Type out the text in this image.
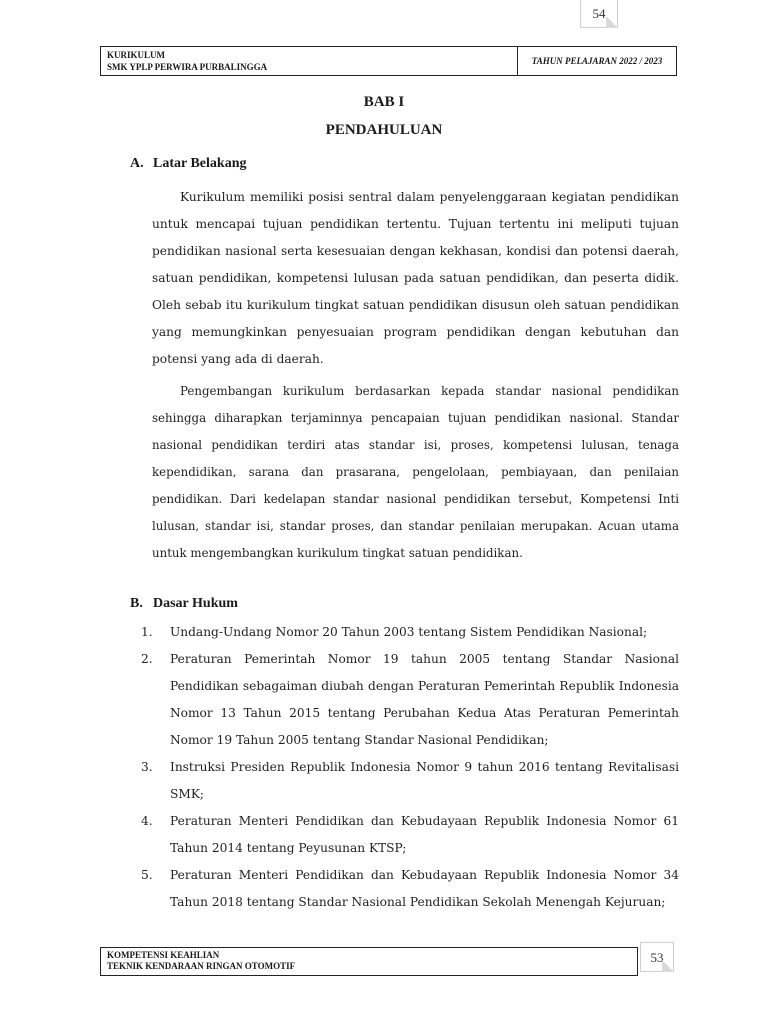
54
KURIKULUM
SMK YPLP PERWIRA PURBALINGGA
TAHUN PELAJARAN 2022 / 2023
BAB I
PENDAHULUAN
A. Latar Belakang

Kurikulum memiliki posisi sentral dalam penyelenggaraan kegiatan pendidikan untuk mencapai tujuan pendidikan tertentu. Tujuan tertentu ini meliputi tujuan pendidikan nasional serta kesesuaian dengan kekhasan, kondisi dan potensi daerah, satuan pendidikan, kompetensi lulusan pada satuan pendidikan, dan peserta didik. Oleh sebab itu kurikulum tingkat satuan pendidikan disusun oleh satuan pendidikan yang memungkinkan penyesuaian program pendidikan dengan kebutuhan dan potensi yang ada di daerah.

Pengembangan kurikulum berdasarkan kepada standar nasional pendidikan sehingga diharapkan terjaminnya pencapaian tujuan pendidikan nasional. Standar nasional pendidikan terdiri atas standar isi, proses, kompetensi lulusan, tenaga kependidikan, sarana dan prasarana, pengelolaan, pembiayaan, dan penilaian pendidikan. Dari kedelapan standar nasional pendidikan tersebut, Kompetensi Inti lulusan, standar isi, standar proses, dan standar penilaian merupakan. Acuan utama untuk mengembangkan kurikulum tingkat satuan pendidikan.

B. Dasar Hukum
1. Undang-Undang Nomor 20 Tahun 2003 tentang Sistem Pendidikan Nasional;
2. Peraturan Pemerintah Nomor 19 tahun 2005 tentang Standar Nasional Pendidikan sebagaiman diubah dengan Peraturan Pemerintah Republik Indonesia Nomor 13 Tahun 2015 tentang Perubahan Kedua Atas Peraturan Pemerintah Nomor 19 Tahun 2005 tentang Standar Nasional Pendidikan;
3. Instruksi Presiden Republik Indonesia Nomor 9 tahun 2016 tentang Revitalisasi SMK;
4. Peraturan Menteri Pendidikan dan Kebudayaan Republik Indonesia Nomor 61 Tahun 2014 tentang Peyusunan KTSP;
5. Peraturan Menteri Pendidikan dan Kebudayaan Republik Indonesia Nomor 34 Tahun 2018 tentang Standar Nasional Pendidikan Sekolah Menengah Kejuruan;
KOMPETENSI KEAHLIAN
TEKNIK KENDARAAN RINGAN OTOMOTIF
53
